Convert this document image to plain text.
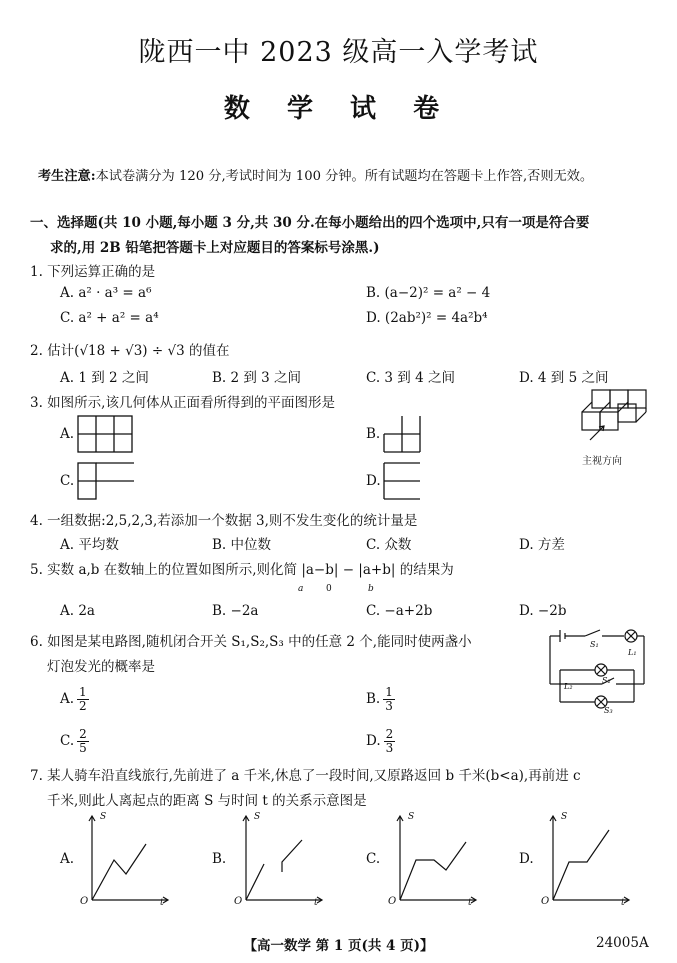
陇西一中 2023 级高一入学考试
数 学 试 卷
考生注意:本试卷满分为 120 分,考试时间为 100 分钟。所有试题均在答题卡上作答,否则无效。
一、选择题(共 10 小题,每小题 3 分,共 30 分.在每小题给出的四个选项中,只有一项是符合要
求的,用 2B 铅笔把答题卡上对应题目的答案标号涂黑.)
1. 下列运算正确的是
A. a² · a³ = a⁶	B. (a−2)² = a² − 4
C. a² + a² = a⁴	D. (2ab²)² = 4a²b⁴
2. 估计(√18 + √3) ÷ √3 的值在
A. 1 到 2 之间	B. 2 到 3 之间	C. 3 到 4 之间	D. 4 到 5 之间
3. 如图所示,该几何体从正面看所得到的平面图形是
A.	B.
C.	D.
主视方向
4. 一组数据:2,5,2,3,若添加一个数据 3,则不发生变化的统计量是
A. 平均数	B. 中位数	C. 众数	D. 方差
5. 实数 a,b 在数轴上的位置如图所示,则化简 |a−b| − |a+b| 的结果为
a	0	b
A. 2a	B. −2a	C. −a+2b	D. −2b
6. 如图是某电路图,随机闭合开关 S₁,S₂,S₃ 中的任意 2 个,能同时使两盏小
灯泡发光的概率是
A. $\frac{1}{2}$	B. $\frac{1}{3}$
C. $\frac{2}{5}$	D. $\frac{2}{3}$
S₁
L₁
S₂
L₂
S₃
7. 某人骑车沿直线旅行,先前进了 a 千米,休息了一段时间,又原路返回 b 千米(b<a),再前进 c
千米,则此人离起点的距离 S 与时间 t 的关系示意图是
A.	B.	C.	D.
S	S	S	S
O	O	O	O
t	t	t	t
【高一数学 第 1 页(共 4 页)】	24005A
